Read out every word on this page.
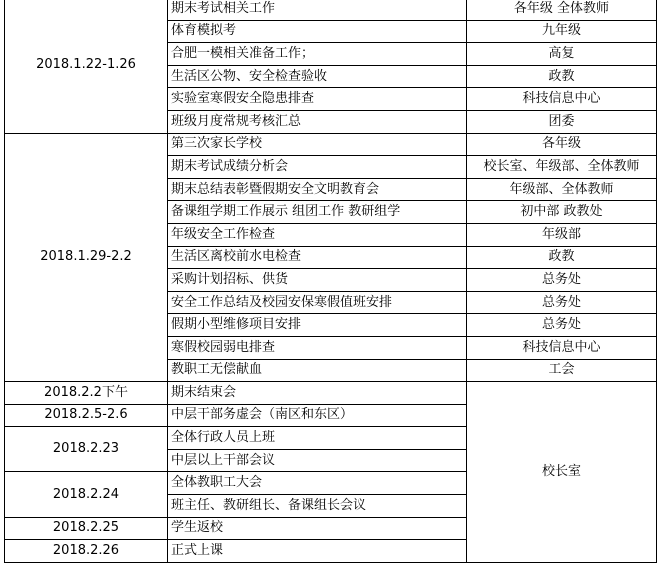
2018.1.22-1.26	期末考试相关工作	各年级 全体教师
	体育模拟考	九年级
	合肥一模相关准备工作；	高复
	生活区公物、安全检查验收	政教
	实验室寒假安全隐患排查	科技信息中心
	班级月度常规考核汇总	团委
2018.1.29-2.2	第三次家长学校	各年级
	期末考试成绩分析会	校长室、年级部、全体教师
	期末总结表彰暨假期安全文明教育会	年级部、全体教师
	备课组学期工作展示 组团工作 教研组学	初中部 政教处
	年级安全工作检查	年级部
	生活区离校前水电检查	政教
	采购计划招标、供货	总务处
	安全工作总结及校园安保寒假值班安排	总务处
	假期小型维修项目安排	总务处
	寒假校园弱电排查	科技信息中心
	教职工无偿献血	工会
2018.2.2下午	期末结束会	校长室
2018.2.5-2.6	中层干部务虚会（南区和东区）	
2018.2.23	全体行政人员上班	
	中层以上干部会议	
2018.2.24	全体教职工大会	
	班主任、教研组长、备课组长会议	
2018.2.25	学生返校	
2018.2.26	正式上课	
